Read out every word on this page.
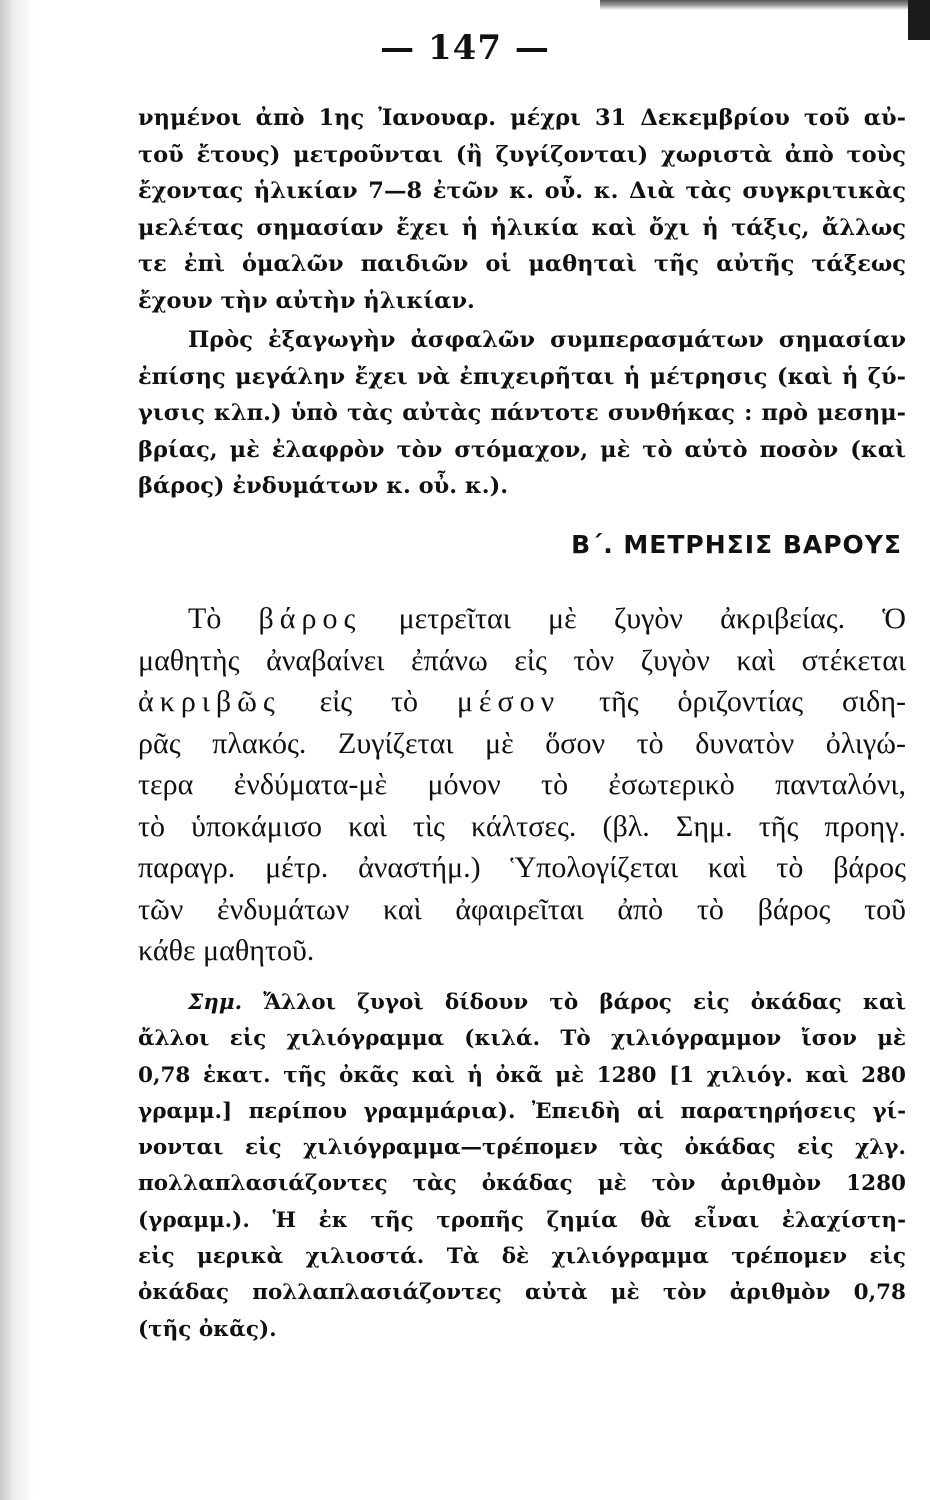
— 147 —
νημένοι ἀπὸ 1ης Ἰανουαρ. μέχρι 31 Δεκεμβρίου τοῦ αὐ-
τοῦ ἔτους) μετροῦνται (ἢ ζυγίζονται) χωριστὰ ἀπὸ τοὺς
ἔχοντας ἡλικίαν 7—8 ἐτῶν κ. οὖ. κ. Διὰ τὰς συγκριτικὰς
μελέτας σημασίαν ἔχει ἡ ἡλικία καὶ ὄχι ἡ τάξις, ἄλλως
τε ἐπὶ ὁμαλῶν παιδιῶν οἱ μαθηταὶ τῆς αὐτῆς τάξεως
ἔχουν τὴν αὐτὴν ἡλικίαν.
Πρὸς ἐξαγωγὴν ἀσφαλῶν συμπερασμάτων σημασίαν
ἐπίσης μεγάλην ἔχει νὰ ἐπιχειρῆται ἡ μέτρησις (καὶ ἡ ζύ-
γισις κλπ.) ὑπὸ τὰς αὐτὰς πάντοτε συνθήκας : πρὸ μεσημ-
βρίας, μὲ ἐλαφρὸν τὸν στόμαχον, μὲ τὸ αὐτὸ ποσὸν (καὶ
βάρος) ἐνδυμάτων κ. οὖ. κ.).
Β΄. ΜΕΤΡΗΣΙΣ ΒΑΡΟΥΣ
Τὸ βάρος μετρεῖται μὲ ζυγὸν ἀκριβείας. Ὁ
μαθητὴς ἀναβαίνει ἐπάνω εἰς τὸν ζυγὸν καὶ στέκεται
ἀκριβῶς εἰς τὸ μέσον τῆς ὁριζοντίας σιδη-
ρᾶς πλακός. Ζυγίζεται μὲ ὅσον τὸ δυνατὸν ὀλιγώ-
τερα ἐνδύματα-μὲ μόνον τὸ ἐσωτερικὸ πανταλόνι,
τὸ ὑποκάμισο καὶ τὶς κάλτσες. (βλ. Σημ. τῆς προηγ.
παραγρ. μέτρ. ἀναστήμ.) Ὑπολογίζεται καὶ τὸ βάρος
τῶν ἐνδυμάτων καὶ ἀφαιρεῖται ἀπὸ τὸ βάρος τοῦ
κάθε μαθητοῦ.
Σημ. Ἄλλοι ζυγοὶ δίδουν τὸ βάρος εἰς ὀκάδας καὶ
ἄλλοι εἰς χιλιόγραμμα (κιλά. Τὸ χιλιόγραμμον ἴσον μὲ
0,78 ἑκατ. τῆς ὀκᾶς καὶ ἡ ὀκᾶ μὲ 1280 [1 χιλιόγ. καὶ 280
γραμμ.] περίπου γραμμάρια). Ἐπειδὴ αἱ παρατηρήσεις γί-
νονται εἰς χιλιόγραμμα—τρέπομεν τὰς ὀκάδας εἰς χλγ.
πολλαπλασιάζοντες τὰς ὀκάδας μὲ τὸν ἀριθμὸν 1280
(γραμμ.). Ἡ ἐκ τῆς τροπῆς ζημία θὰ εἶναι ἐλαχίστη-
εἰς μερικὰ χιλιοστά. Τὰ δὲ χιλιόγραμμα τρέπομεν εἰς
ὀκάδας πολλαπλασιάζοντες αὐτὰ μὲ τὸν ἀριθμὸν 0,78
(τῆς ὀκᾶς).
